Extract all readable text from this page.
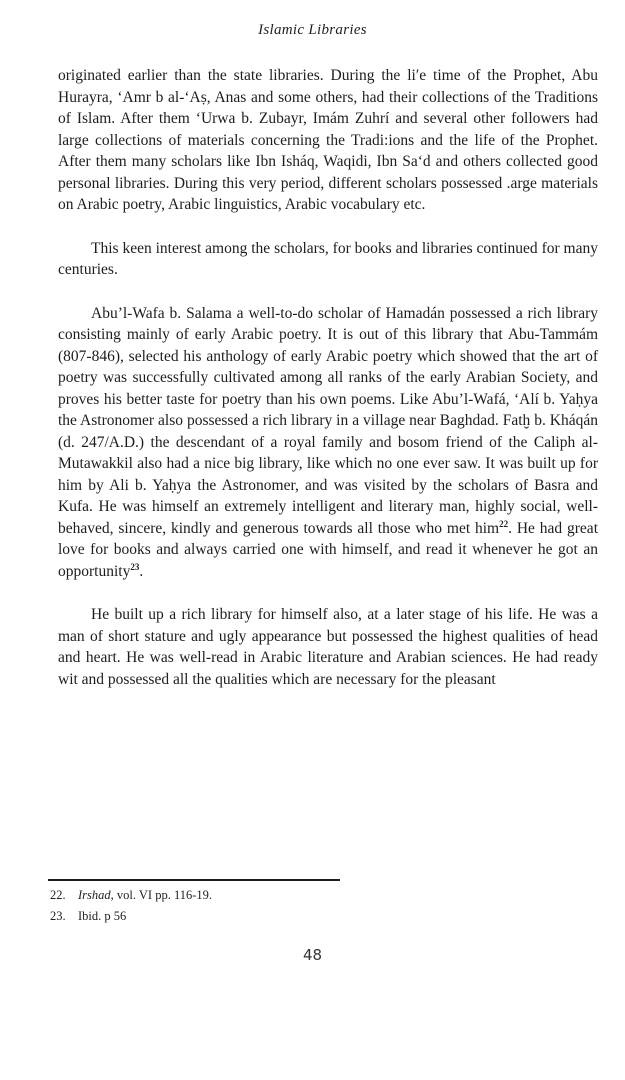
Islamic Libraries

originated earlier than the state libraries. During the li′e time of the Prophet, Abu Hurayra, ‘Amr b al-‘Aṣ, Anas and some others, had their collections of the Traditions of Islam. After them ‘Urwa b. Zubayr, Imám Zuhrí and several other followers had large collections of materials concerning the Tradi:ions and the life of the Prophet. After them many scholars like Ibn Isháq, Waqidi, Ibn Sa‘d and others collected good personal libraries. During this very period, different scholars possessed .arge materials on Arabic poetry, Arabic linguistics, Arabic vocabulary etc.

This keen interest among the scholars, for books and libraries continued for many centuries.

Abu’l-Wafa b. Salama a well-to-do scholar of Hamadán possessed a rich library consisting mainly of early Arabic poetry. It is out of this library that Abu-Tammám (807-846), selected his anthology of early Arabic poetry which showed that the art of poetry was successfully cultivated among all ranks of the early Arabian Society, and proves his better taste for poetry than his own poems. Like Abu’l-Wafá, ‘Alí b. Yaḥya the Astronomer also possessed a rich library in a village near Baghdad. Fatḫ b. Kháqán (d. 247/A.D.) the descendant of a royal family and bosom friend of the Caliph al-Mutawakkil also had a nice big library, like which no one ever saw. It was built up for him by Ali b. Yaḥya the Astronomer, and was visited by the scholars of Basra and Kufa. He was himself an extremely intelligent and literary man, highly social, well-behaved, sincere, kindly and generous towards all those who met him$^{22}$. He had great love for books and always carried one with himself, and read it whenever he got an opportunity$^{23}$.

He built up a rich library for himself also, at a later stage of his life. He was a man of short stature and ugly appearance but possessed the highest qualities of head and heart. He was well-read in Arabic literature and Arabian sciences. He had ready wit and possessed all the qualities which are necessary for the pleasant

22. Irshad, vol. VI pp. 116-19.
23. Ibid. p 56
48
